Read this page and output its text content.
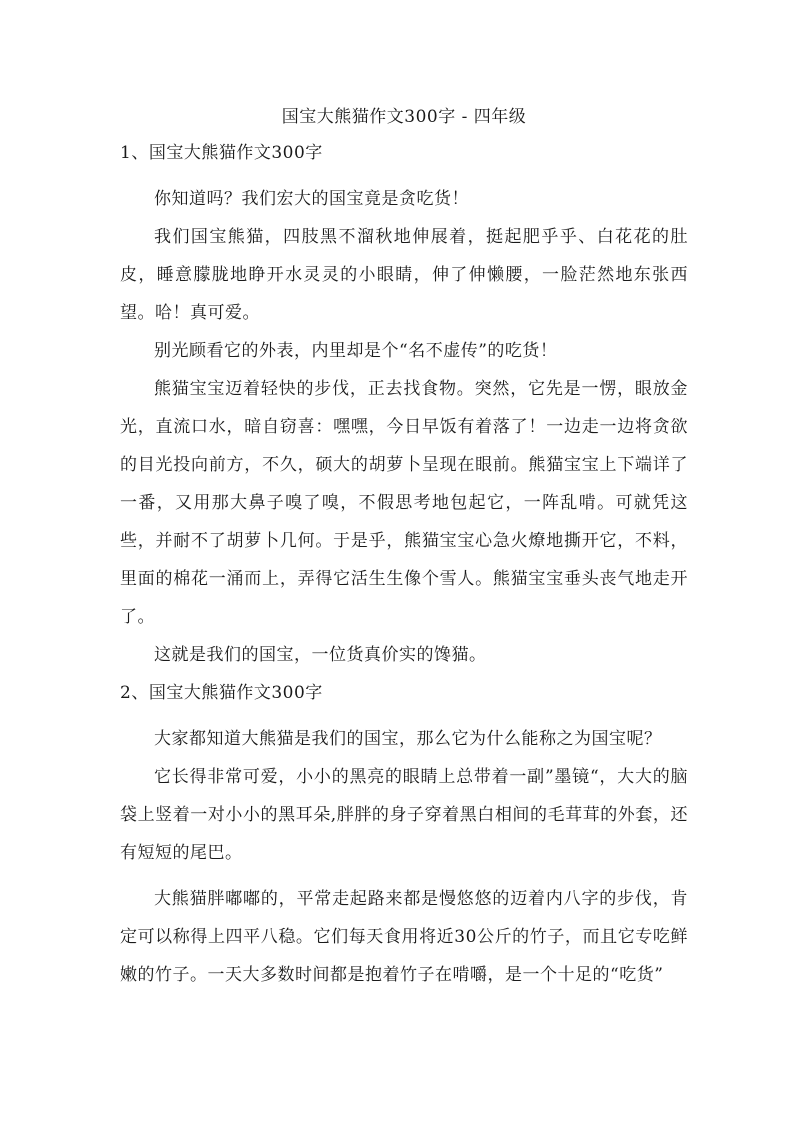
国宝大熊猫作文300字 - 四年级
1、国宝大熊猫作文300字

你知道吗？我们宏大的国宝竟是贪吃货！

我们国宝熊猫，四肢黑不溜秋地伸展着，挺起肥乎乎、白花花的肚皮，睡意朦胧地睁开水灵灵的小眼睛，伸了伸懒腰，一脸茫然地东张西望。哈！真可爱。

别光顾看它的外表，内里却是个“名不虚传”的吃货！

熊猫宝宝迈着轻快的步伐，正去找食物。突然，它先是一愣，眼放金光，直流口水，暗自窃喜：嘿嘿，今日早饭有着落了！一边走一边将贪欲的目光投向前方，不久，硕大的胡萝卜呈现在眼前。熊猫宝宝上下端详了一番，又用那大鼻子嗅了嗅，不假思考地包起它，一阵乱啃。可就凭这些，并耐不了胡萝卜几何。于是乎，熊猫宝宝心急火燎地撕开它，不料，里面的棉花一涌而上，弄得它活生生像个雪人。熊猫宝宝垂头丧气地走开了。

这就是我们的国宝，一位货真价实的馋猫。

2、国宝大熊猫作文300字

大家都知道大熊猫是我们的国宝，那么它为什么能称之为国宝呢？

它长得非常可爱，小小的黑亮的眼睛上总带着一副”墨镜“，大大的脑袋上竖着一对小小的黑耳朵,胖胖的身子穿着黑白相间的毛茸茸的外套，还有短短的尾巴。

大熊猫胖嘟嘟的，平常走起路来都是慢悠悠的迈着内八字的步伐，肯定可以称得上四平八稳。它们每天食用将近30公斤的竹子，而且它专吃鲜嫩的竹子。一天大多数时间都是抱着竹子在啃嚼，是一个十足的“吃货”
